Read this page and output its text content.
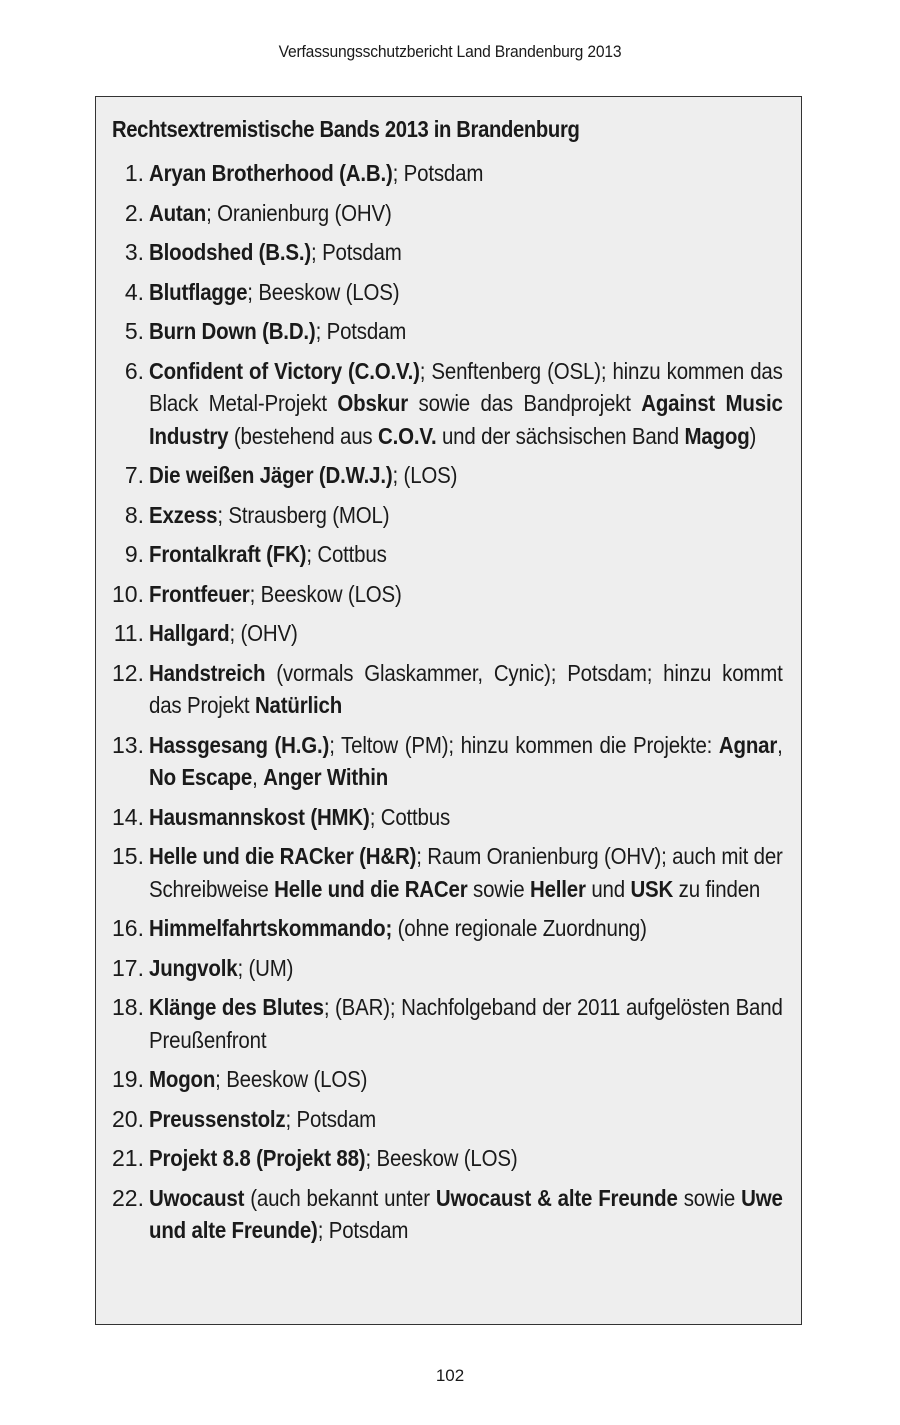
Verfassungsschutzbericht Land Brandenburg 2013
Rechtsextremistische Bands 2013 in Brandenburg
1. Aryan Brotherhood (A.B.); Potsdam
2. Autan; Oranienburg (OHV)
3. Bloodshed (B.S.); Potsdam
4. Blutflagge; Beeskow (LOS)
5. Burn Down (B.D.); Potsdam
6. Confident of Victory (C.O.V.); Senftenberg (OSL); hinzu kommen das Black Metal-Projekt Obskur sowie das Bandprojekt Against Music Industry (bestehend aus C.O.V. und der sächsischen Band Magog)
7. Die weißen Jäger (D.W.J.); (LOS)
8. Exzess; Strausberg (MOL)
9. Frontalkraft (FK); Cottbus
10. Frontfeuer; Beeskow (LOS)
11. Hallgard; (OHV)
12. Handstreich (vormals Glaskammer, Cynic); Potsdam; hinzu kommt das Projekt Natürlich
13. Hassgesang (H.G.); Teltow (PM); hinzu kommen die Projekte: Agnar, No Escape, Anger Within
14. Hausmannskost (HMK); Cottbus
15. Helle und die RACker (H&R); Raum Oranienburg (OHV); auch mit der Schreibweise Helle und die RACer sowie Heller und USK zu finden
16. Himmelfahrtskommando; (ohne regionale Zuordnung)
17. Jungvolk; (UM)
18. Klänge des Blutes; (BAR); Nachfolgeband der 2011 aufgelösten Band Preußenfront
19. Mogon; Beeskow (LOS)
20. Preussenstolz; Potsdam
21. Projekt 8.8 (Projekt 88); Beeskow (LOS)
22. Uwocaust (auch bekannt unter Uwocaust & alte Freunde sowie Uwe und alte Freunde); Potsdam
102
